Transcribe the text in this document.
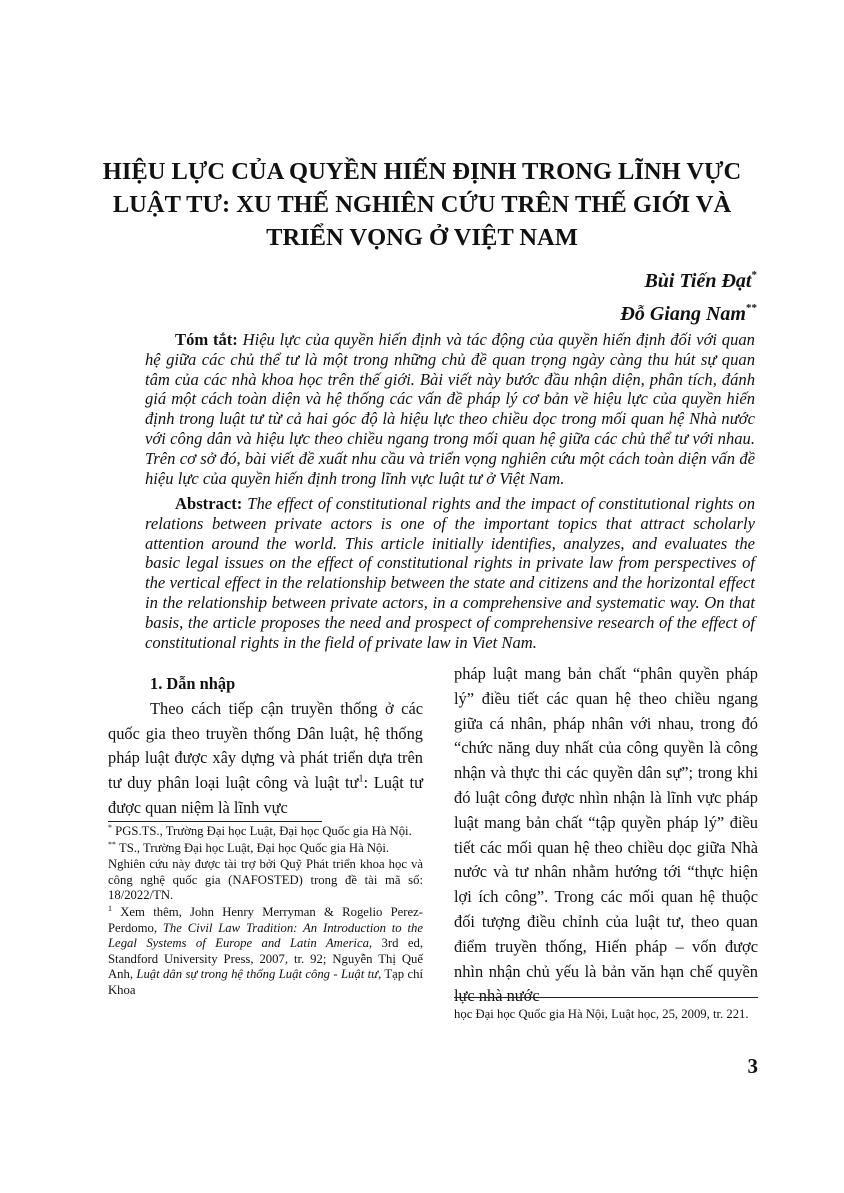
HIỆU LỰC CỦA QUYỀN HIẾN ĐỊNH TRONG LĨNH VỰC
LUẬT TƯ: XU THẾ NGHIÊN CỨU TRÊN THẾ GIỚI VÀ
TRIỂN VỌNG Ở VIỆT NAM
Bùi Tiến Đạt*
Đỗ Giang Nam**

Tóm tắt: Hiệu lực của quyền hiến định và tác động của quyền hiến định đối với quan hệ giữa các chủ thể tư là một trong những chủ đề quan trọng ngày càng thu hút sự quan tâm của các nhà khoa học trên thế giới. Bài viết này bước đầu nhận diện, phân tích, đánh giá một cách toàn diện và hệ thống các vấn đề pháp lý cơ bản về hiệu lực của quyền hiến định trong luật tư từ cả hai góc độ là hiệu lực theo chiều dọc trong mối quan hệ Nhà nước với công dân và hiệu lực theo chiều ngang trong mối quan hệ giữa các chủ thể tư với nhau. Trên cơ sở đó, bài viết đề xuất nhu cầu và triển vọng nghiên cứu một cách toàn diện vấn đề hiệu lực của quyền hiến định trong lĩnh vực luật tư ở Việt Nam.

Abstract: The effect of constitutional rights and the impact of constitutional rights on relations between private actors is one of the important topics that attract scholarly attention around the world. This article initially identifies, analyzes, and evaluates the basic legal issues on the effect of constitutional rights in private law from perspectives of the vertical effect in the relationship between the state and citizens and the horizontal effect in the relationship between private actors, in a comprehensive and systematic way. On that basis, the article proposes the need and prospect of comprehensive research of the effect of constitutional rights in the field of private law in Viet Nam.

1. Dẫn nhập

Theo cách tiếp cận truyền thống ở các quốc gia theo truyền thống Dân luật, hệ thống pháp luật được xây dựng và phát triển dựa trên tư duy phân loại luật công và luật $tư^1$: Luật tư được quan niệm là lĩnh vực

* PGS.TS., Trường Đại học Luật, Đại học Quốc gia Hà Nội.

** TS., Trường Đại học Luật, Đại học Quốc gia Hà Nội.

Nghiên cứu này được tài trợ bởi Quỹ Phát triển khoa học và công nghệ quốc gia (NAFOSTED) trong đề tài mã số: 18/2022/TN.

$^1$ Xem thêm, John Henry Merryman & Rogelio Perez-Perdomo, The Civil Law Tradition: An Introduction to the Legal Systems of Europe and Latin America, 3rd ed, Standford University Press, 2007, tr. 92; Nguyễn Thị Quế Anh, Luật dân sự trong hệ thống Luật công - Luật tư, Tạp chí Khoa

pháp luật mang bản chất “phân quyền pháp lý” điều tiết các quan hệ theo chiều ngang giữa cá nhân, pháp nhân với nhau, trong đó “chức năng duy nhất của công quyền là công nhận và thực thi các quyền dân sự”; trong khi đó luật công được nhìn nhận là lĩnh vực pháp luật mang bản chất “tập quyền pháp lý” điều tiết các mối quan hệ theo chiều dọc giữa Nhà nước và tư nhân nhằm hướng tới “thực hiện lợi ích công”. Trong các mối quan hệ thuộc đối tượng điều chỉnh của luật tư, theo quan điểm truyền thống, Hiến pháp – vốn được nhìn nhận chủ yếu là bản văn hạn chế quyền lực nhà nước

học Đại học Quốc gia Hà Nội, Luật học, 25, 2009, tr. 221.

3
